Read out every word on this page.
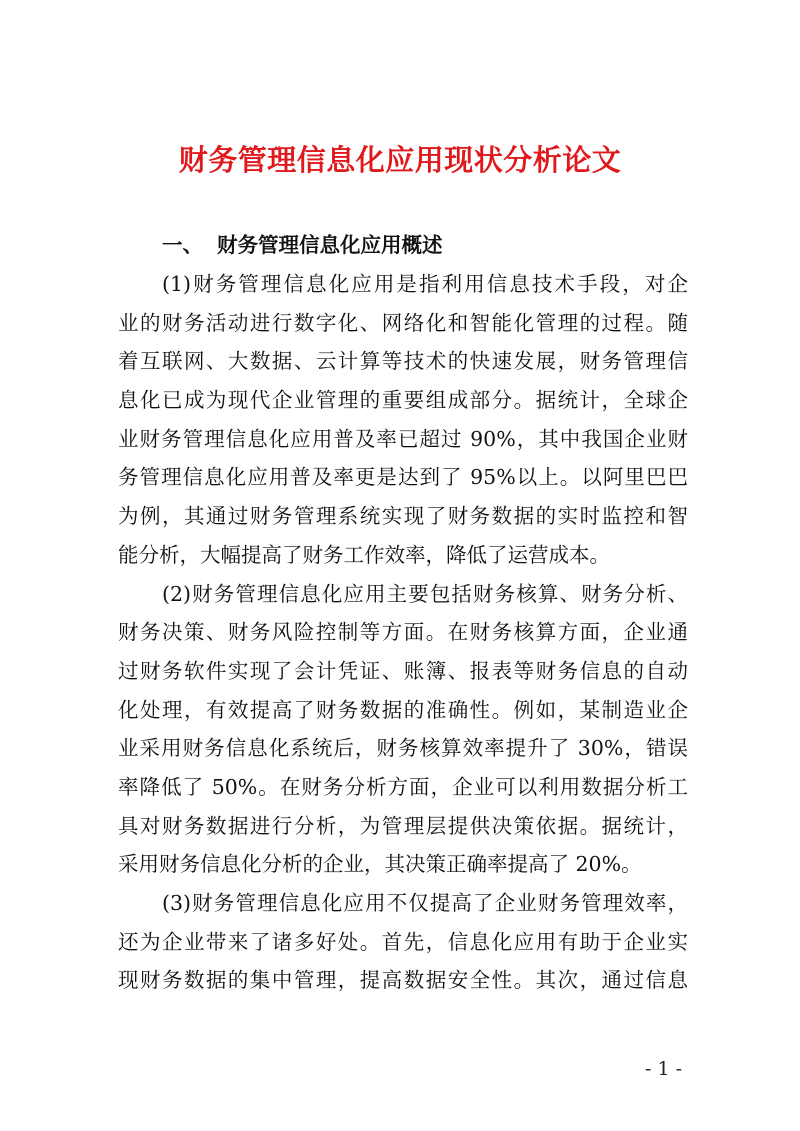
财务管理信息化应用现状分析论文
一、 财务管理信息化应用概述
(1)财务管理信息化应用是指利用信息技术手段，对企
业的财务活动进行数字化、网络化和智能化管理的过程。随
着互联网、大数据、云计算等技术的快速发展，财务管理信
息化已成为现代企业管理的重要组成部分。据统计，全球企
业财务管理信息化应用普及率已超过 90%，其中我国企业财
务管理信息化应用普及率更是达到了 95%以上。以阿里巴巴
为例，其通过财务管理系统实现了财务数据的实时监控和智
能分析，大幅提高了财务工作效率，降低了运营成本。
(2)财务管理信息化应用主要包括财务核算、财务分析、
财务决策、财务风险控制等方面。在财务核算方面，企业通
过财务软件实现了会计凭证、账簿、报表等财务信息的自动
化处理，有效提高了财务数据的准确性。例如，某制造业企
业采用财务信息化系统后，财务核算效率提升了 30%，错误
率降低了 50%。在财务分析方面，企业可以利用数据分析工
具对财务数据进行分析，为管理层提供决策依据。据统计，
采用财务信息化分析的企业，其决策正确率提高了 20%。
(3)财务管理信息化应用不仅提高了企业财务管理效率，
还为企业带来了诸多好处。首先，信息化应用有助于企业实
现财务数据的集中管理，提高数据安全性。其次，通过信息
- 1 -
